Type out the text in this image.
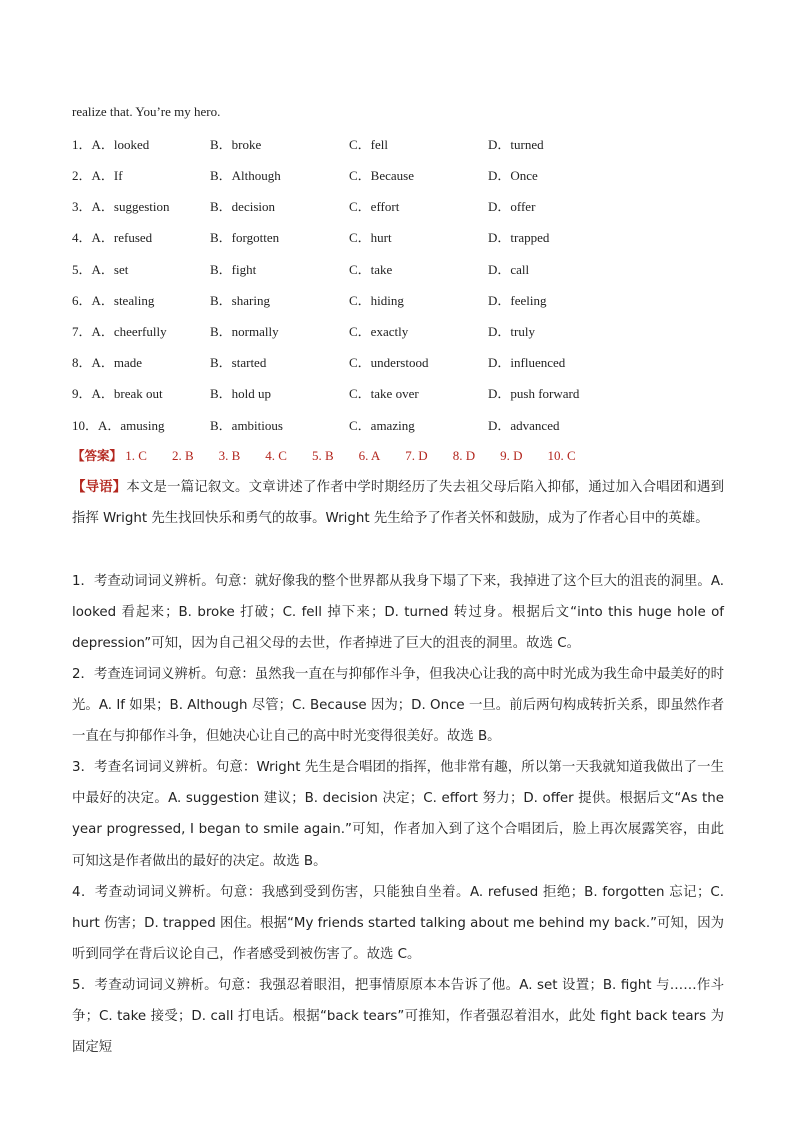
realize that. You’re my hero.
1．A．looked	B．broke	C．fell	D．turned
2．A．If	B．Although	C．Because	D．Once
3．A．suggestion	B．decision	C．effort	D．offer
4．A．refused	B．forgotten	C．hurt	D．trapped
5．A．set	B．fight	C．take	D．call
6．A．stealing	B．sharing	C．hiding	D．feeling
7．A．cheerfully	B．normally	C．exactly	D．truly
8．A．made	B．started	C．understood	D．influenced
9．A．break out	B．hold up	C．take over	D．push forward
10．A．amusing	B．ambitious	C．amazing	D．advanced
【答案】 1. C 2. B 3. B 4. C 5. B 6. A 7. D 8. D 9. D 10. C
【导语】本文是一篇记叙文。文章讲述了作者中学时期经历了失去祖父母后陷入抑郁，通过加入合唱团和遇到指挥 Wright 先生找回快乐和勇气的故事。Wright 先生给予了作者关怀和鼓励，成为了作者心目中的英雄。
1．考查动词词义辨析。句意：就好像我的整个世界都从我身下塌了下来，我掉进了这个巨大的沮丧的洞里。A. looked 看起来；B. broke 打破；C. fell 掉下来；D. turned 转过身。根据后文“into this huge hole of depression”可知，因为自己祖父母的去世，作者掉进了巨大的沮丧的洞里。故选 C。
2．考查连词词义辨析。句意：虽然我一直在与抑郁作斗争，但我决心让我的高中时光成为我生命中最美好的时光。A. If 如果；B. Although 尽管；C. Because 因为；D. Once 一旦。前后两句构成转折关系，即虽然作者一直在与抑郁作斗争，但她决心让自己的高中时光变得很美好。故选 B。
3．考查名词词义辨析。句意：Wright 先生是合唱团的指挥，他非常有趣，所以第一天我就知道我做出了一生中最好的决定。A. suggestion 建议；B. decision 决定；C. effort 努力；D. offer 提供。根据后文“As the year progressed, I began to smile again.”可知，作者加入到了这个合唱团后，脸上再次展露笑容，由此可知这是作者做出的最好的决定。故选 B。
4．考查动词词义辨析。句意：我感到受到伤害，只能独自坐着。A. refused 拒绝；B. forgotten 忘记；C. hurt 伤害；D. trapped 困住。根据“My friends started talking about me behind my back.”可知，因为听到同学在背后议论自己，作者感受到被伤害了。故选 C。
5．考查动词词义辨析。句意：我强忍着眼泪，把事情原原本本告诉了他。A. set 设置；B. fight 与……作斗争；C. take 接受；D. call 打电话。根据“back tears”可推知，作者强忍着泪水，此处 fight back tears 为固定短
